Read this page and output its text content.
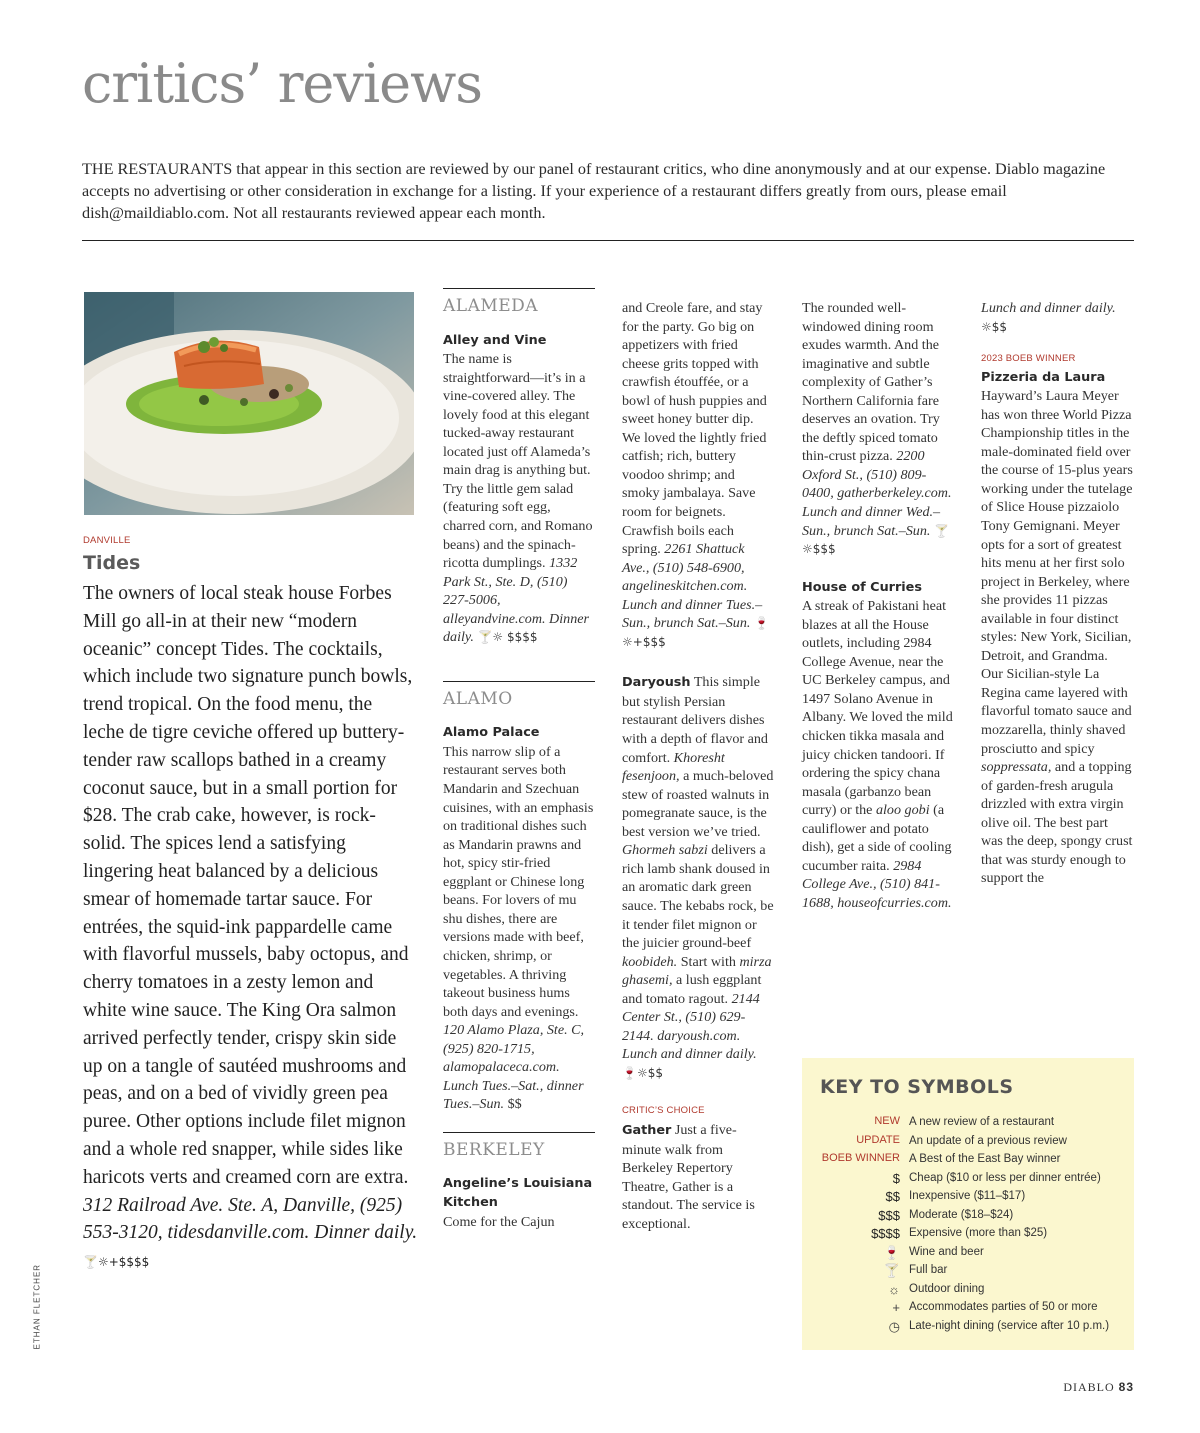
critics’ reviews

THE RESTAURANTS that appear in this section are reviewed by our panel of restaurant critics, who dine anonymously and at our expense. Diablo magazine accepts no advertising or other consideration in exchange for a listing. If your experience of a restaurant differs greatly from ours, please email dish@maildiablo.com. Not all restaurants reviewed appear each month.

ETHAN FLETCHER
DANVILLE
Tides

The owners of local steak house Forbes Mill go all-in at their new “modern oceanic” concept Tides. The cocktails, which include two signature punch bowls, trend tropical. On the food menu, the leche de tigre ceviche offered up buttery-tender raw scallops bathed in a creamy coconut sauce, but in a small portion for $28. The crab cake, however, is rock-solid. The spices lend a satisfying lingering heat balanced by a delicious smear of homemade tartar sauce. For entrées, the squid-ink pappardelle came with flavorful mussels, baby octopus, and cherry tomatoes in a zesty lemon and white wine sauce. The King Ora salmon arrived perfectly tender, crispy skin side up on a tangle of sautéed mushrooms and peas, and on a bed of vividly green pea puree. Other options include filet mignon and a whole red snapper, while sides like haricots verts and creamed corn are extra. 312 Railroad Ave. Ste. A, Danville, (925) 553-3120, tidesdanville.com. Dinner daily. 🍸☼+$$$$

ALAMEDA
Alley and Vine

The name is straightforward—it’s in a vine-covered alley. The lovely food at this elegant tucked-away restaurant located just off Alameda’s main drag is anything but. Try the little gem salad (featuring soft egg, charred corn, and Romano beans) and the spinach-ricotta dumplings. 1332 Park St., Ste. D, (510) 227-5006, alleyandvine.com. Dinner daily. 🍸☼ $$$$

ALAMO
Alamo Palace

This narrow slip of a restaurant serves both Mandarin and Szechuan cuisines, with an emphasis on traditional dishes such as Mandarin prawns and hot, spicy stir-fried eggplant or Chinese long beans. For lovers of mu shu dishes, there are versions made with beef, chicken, shrimp, or vegetables. A thriving takeout business hums both days and evenings. 120 Alamo Plaza, Ste. C, (925) 820-1715, alamopalaceca.com. Lunch Tues.–Sat., dinner Tues.–Sun. $$

BERKELEY
Angeline’s Louisiana Kitchen

Come for the Cajun

and Creole fare, and stay for the party. Go big on appetizers with fried cheese grits topped with crawfish étouffée, or a bowl of hush puppies and sweet honey butter dip. We loved the lightly fried catfish; rich, buttery voodoo shrimp; and smoky jambalaya. Save room for beignets. Crawfish boils each spring. 2261 Shattuck Ave., (510) 548-6900, angelineskitchen.com. Lunch and dinner Tues.–Sun., brunch Sat.–Sun. 🍷☼+$$$

Daryoush This simple but stylish Persian restaurant delivers dishes with a depth of flavor and comfort. Khoresht fesenjoon, a much-beloved stew of roasted walnuts in pomegranate sauce, is the best version we’ve tried. Ghormeh sabzi delivers a rich lamb shank doused in an aromatic dark green sauce. The kebabs rock, be it tender filet mignon or the juicier ground-beef koobideh. Start with mirza ghasemi, a lush eggplant and tomato ragout. 2144 Center St., (510) 629-2144. daryoush.com. Lunch and dinner daily. 🍷☼$$

CRITIC’S CHOICE

Gather Just a five-minute walk from Berkeley Repertory Theatre, Gather is a standout. The service is exceptional.

The rounded well-windowed dining room exudes warmth. And the imaginative and subtle complexity of Gather’s Northern California fare deserves an ovation. Try the deftly spiced tomato thin-crust pizza. 2200 Oxford St., (510) 809-0400, gatherberkeley.com. Lunch and dinner Wed.–Sun., brunch Sat.–Sun. 🍸☼$$$

House of Curries

A streak of Pakistani heat blazes at all the House outlets, including 2984 College Avenue, near the UC Berkeley campus, and 1497 Solano Avenue in Albany. We loved the mild chicken tikka masala and juicy chicken tandoori. If ordering the spicy chana masala (garbanzo bean curry) or the aloo gobi (a cauliflower and potato dish), get a side of cooling cucumber raita. 2984 College Ave., (510) 841-1688, houseofcurries.com.

Lunch and dinner daily. ☼$$

2023 BOEB WINNER
Pizzeria da Laura

Hayward’s Laura Meyer has won three World Pizza Championship titles in the male-dominated field over the course of 15-plus years working under the tutelage of Slice House pizzaiolo Tony Gemignani. Meyer opts for a sort of greatest hits menu at her first solo project in Berkeley, where she provides 11 pizzas available in four distinct styles: New York, Sicilian, Detroit, and Grandma. Our Sicilian-style La Regina came layered with flavorful tomato sauce and mozzarella, thinly shaved prosciutto and spicy soppressata, and a topping of garden-fresh arugula drizzled with extra virgin olive oil. The best part was the deep, spongy crust that was sturdy enough to support the

KEY TO SYMBOLS
NEW A new review of a restaurant
UPDATE An update of a previous review
BOEB WINNER A Best of the East Bay winner
$ Cheap ($10 or less per dinner entrée)
$$ Inexpensive ($11–$17)
$$$ Moderate ($18–$24)
$$$$ Expensive (more than $25)
🍷 Wine and beer
🍸 Full bar
☼ Outdoor dining
+ Accommodates parties of 50 or more
◷ Late-night dining (service after 10 p.m.)
DIABLO 83
